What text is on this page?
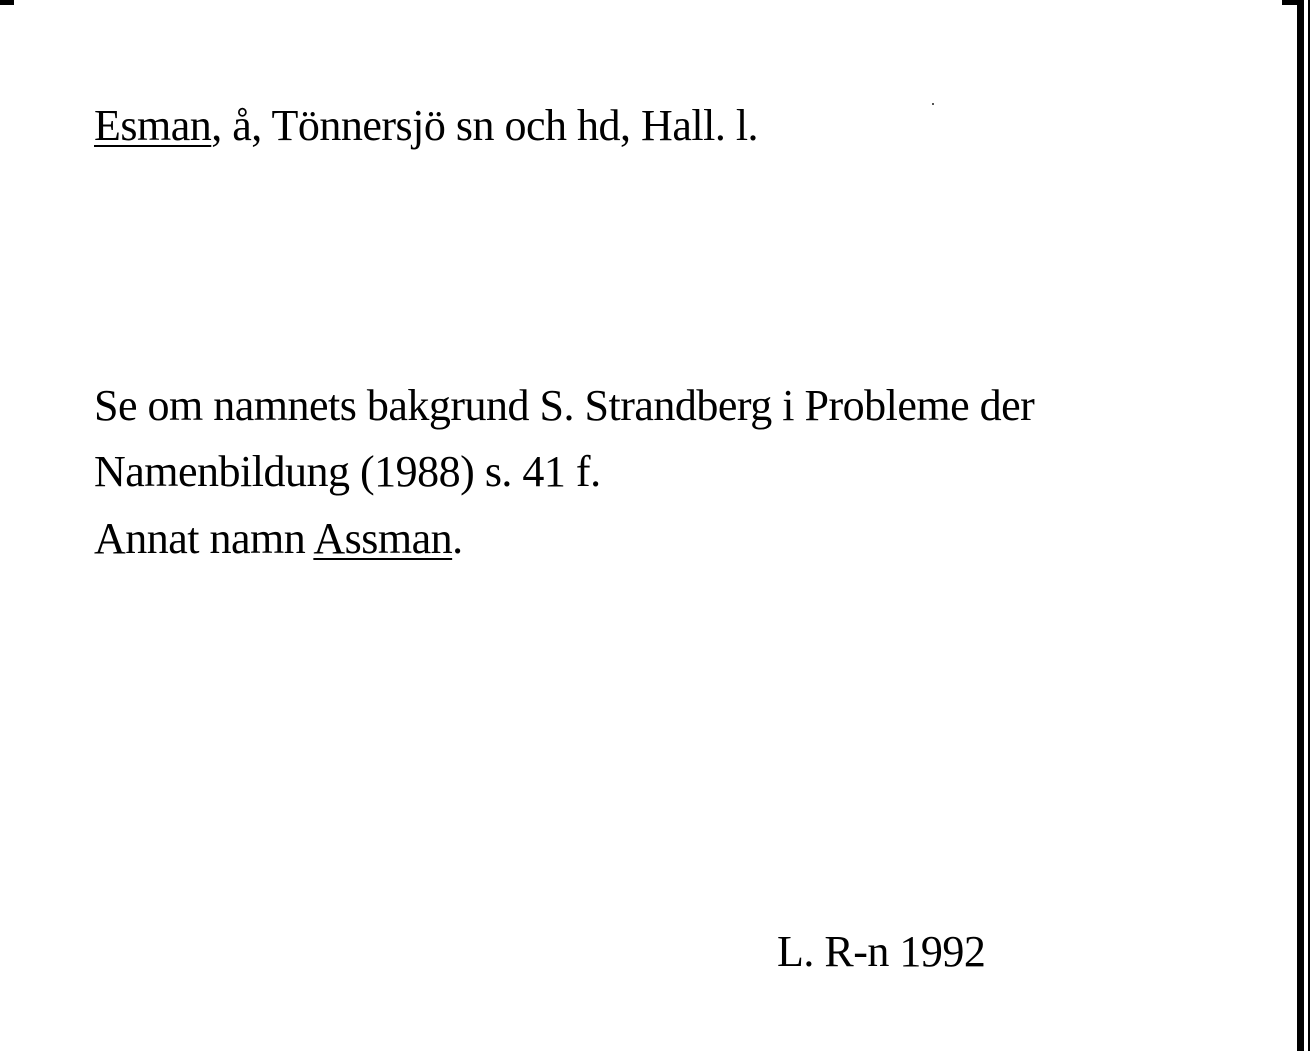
Esman, å, Tönnersjö sn och hd, Hall. l.
Se om namnets bakgrund S. Strandberg i Probleme der
Namenbildung (1988) s. 41 f.
Annat namn Assman.
L. R-n 1992
